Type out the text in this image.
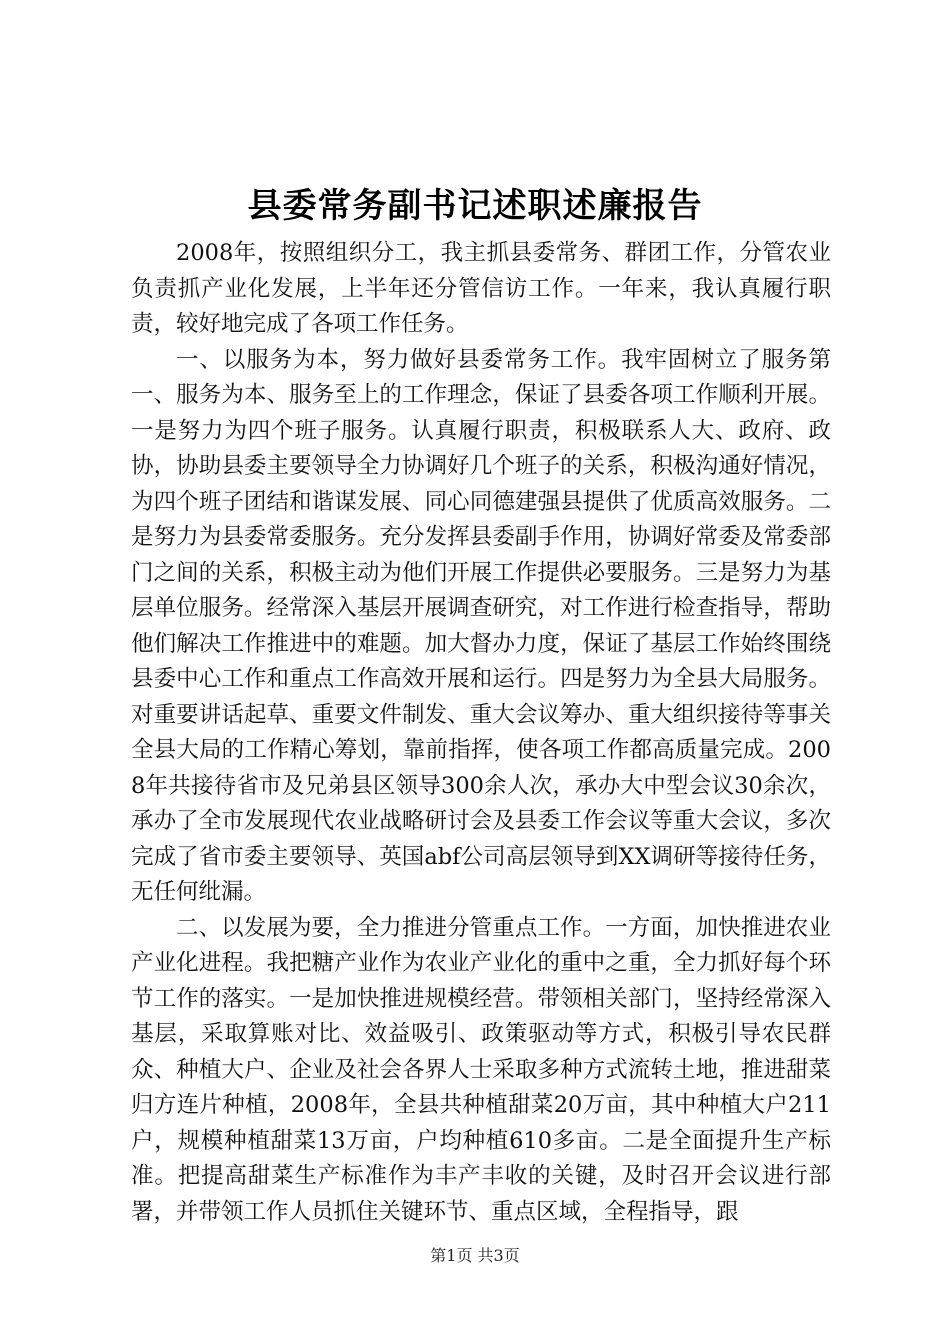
县委常务副书记述职述廉报告

2008年，按照组织分工，我主抓县委常务、群团工作，分管农业负责抓产业化发展，上半年还分管信访工作。一年来，我认真履行职责，较好地完成了各项工作任务。

一、以服务为本，努力做好县委常务工作。我牢固树立了服务第一、服务为本、服务至上的工作理念，保证了县委各项工作顺利开展。一是努力为四个班子服务。认真履行职责，积极联系人大、政府、政协，协助县委主要领导全力协调好几个班子的关系，积极沟通好情况，为四个班子团结和谐谋发展、同心同德建强县提供了优质高效服务。二是努力为县委常委服务。充分发挥县委副手作用，协调好常委及常委部门之间的关系，积极主动为他们开展工作提供必要服务。三是努力为基层单位服务。经常深入基层开展调查研究，对工作进行检查指导，帮助他们解决工作推进中的难题。加大督办力度，保证了基层工作始终围绕县委中心工作和重点工作高效开展和运行。四是努力为全县大局服务。对重要讲话起草、重要文件制发、重大会议筹办、重大组织接待等事关全县大局的工作精心筹划，靠前指挥，使各项工作都高质量完成。2008年共接待省市及兄弟县区领导300余人次，承办大中型会议30余次，承办了全市发展现代农业战略研讨会及县委工作会议等重大会议，多次完成了省市委主要领导、英国abf公司高层领导到XX调研等接待任务，无任何纰漏。

二、以发展为要，全力推进分管重点工作。一方面，加快推进农业产业化进程。我把糖产业作为农业产业化的重中之重，全力抓好每个环节工作的落实。一是加快推进规模经营。带领相关部门，坚持经常深入基层，采取算账对比、效益吸引、政策驱动等方式，积极引导农民群众、种植大户、企业及社会各界人士采取多种方式流转土地，推进甜菜归方连片种植，2008年，全县共种植甜菜20万亩，其中种植大户211户，规模种植甜菜13万亩，户均种植610多亩。二是全面提升生产标准。把提高甜菜生产标准作为丰产丰收的关键，及时召开会议进行部署，并带领工作人员抓住关键环节、重点区域，全程指导，跟

第1页 共3页
